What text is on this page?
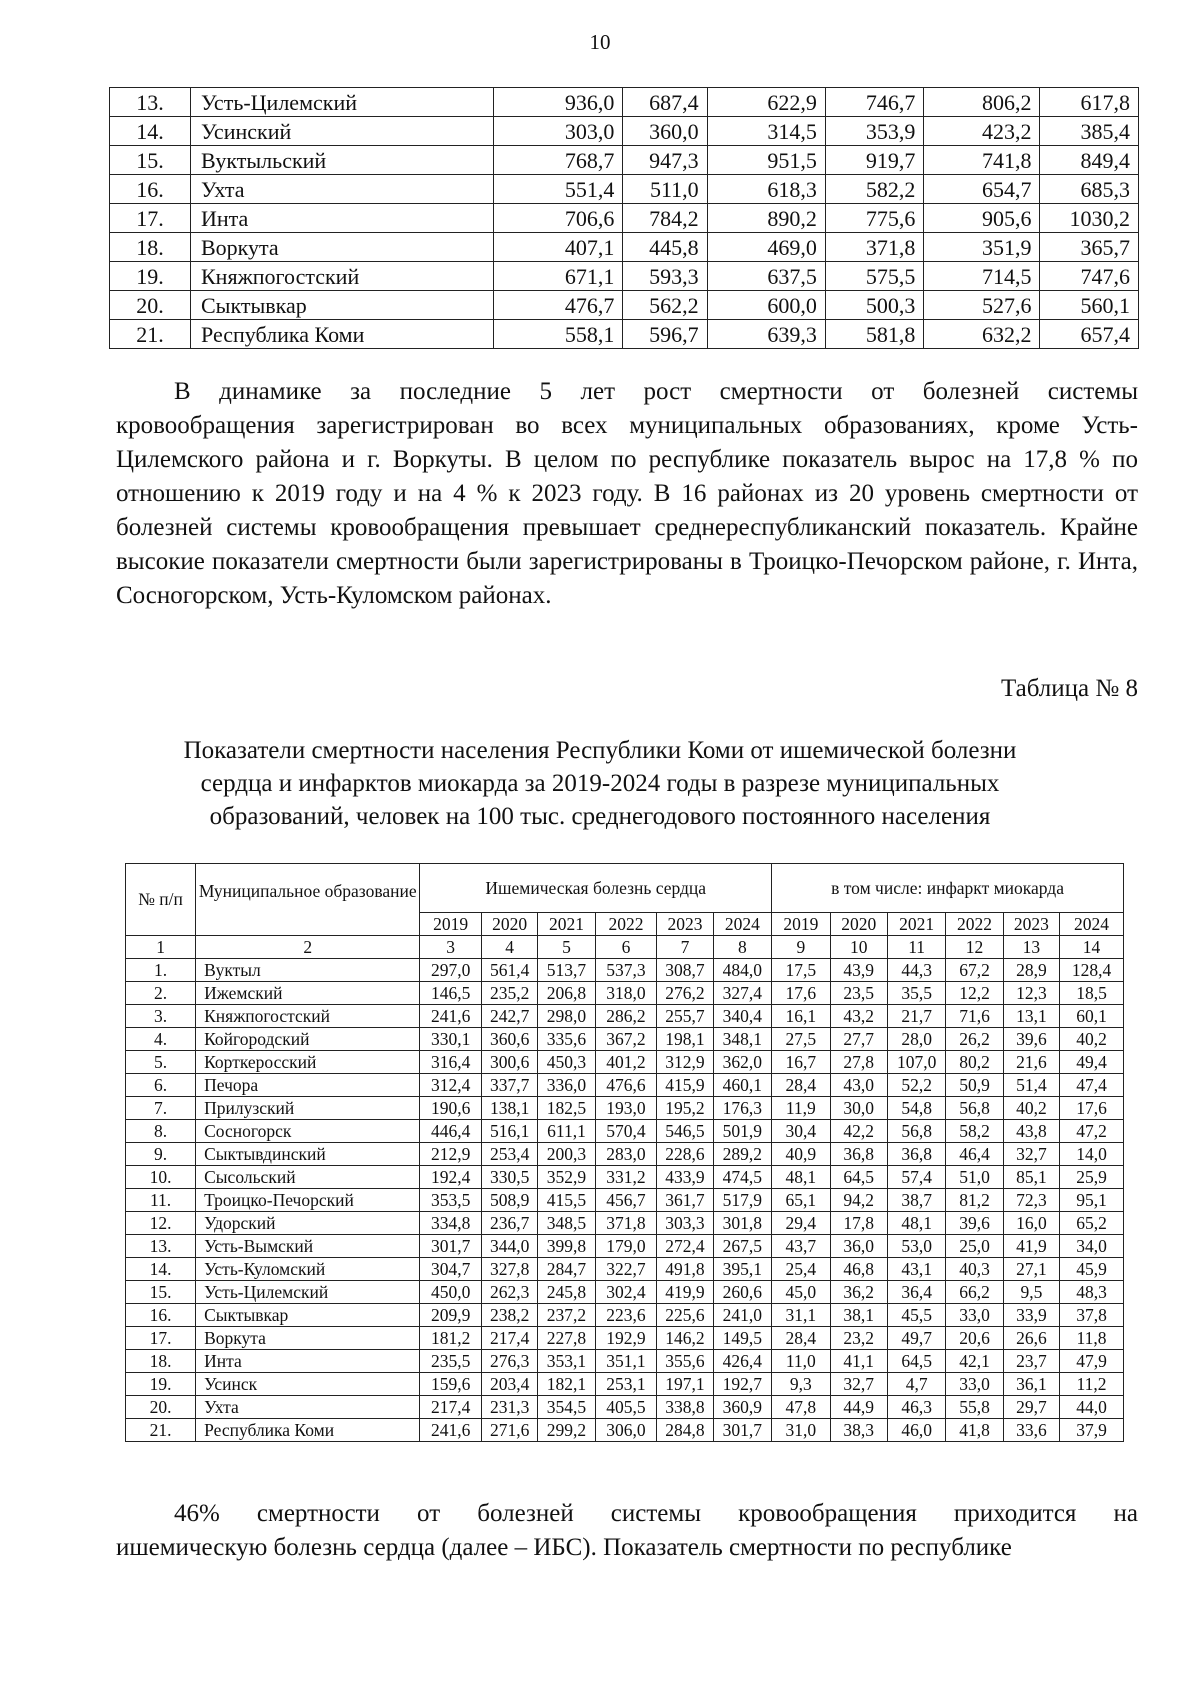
10
13.	Усть-Цилемский	936,0	687,4	622,9	746,7	806,2	617,8
14.	Усинский	303,0	360,0	314,5	353,9	423,2	385,4
15.	Вуктыльский	768,7	947,3	951,5	919,7	741,8	849,4
16.	Ухта	551,4	511,0	618,3	582,2	654,7	685,3
17.	Инта	706,6	784,2	890,2	775,6	905,6	1030,2
18.	Воркута	407,1	445,8	469,0	371,8	351,9	365,7
19.	Княжпогостский	671,1	593,3	637,5	575,5	714,5	747,6
20.	Сыктывкар	476,7	562,2	600,0	500,3	527,6	560,1
21.	Республика Коми	558,1	596,7	639,3	581,8	632,2	657,4

В динамике за последние 5 лет рост смертности от болезней системы кровообращения зарегистрирован во всех муниципальных образованиях, кроме Усть-Цилемского района и г. Воркуты. В целом по республике показатель вырос на 17,8 % по отношению к 2019 году и на 4 % к 2023 году. В 16 районах из 20 уровень смертности от болезней системы кровообращения превышает среднереспубликанский показатель. Крайне высокие показатели смертности были зарегистрированы в Троицко-Печорском районе, г. Инта, Сосногорском, Усть-Куломском районах.

Таблица № 8
Показатели смертности населения Республики Коми от ишемической болезни
сердца и инфарктов миокарда за 2019-2024 годы в разрезе муниципальных
образований, человек на 100 тыс. среднегодового постоянного населения
№ п/п	Муниципальное образование	Ишемическая болезнь сердца						в том числе: инфаркт миокарда					
		2019	2020	2021	2022	2023	2024	2019	2020	2021	2022	2023	2024
1	2	3	4	5	6	7	8	9	10	11	12	13	14
1.	Вуктыл	297,0	561,4	513,7	537,3	308,7	484,0	17,5	43,9	44,3	67,2	28,9	128,4
2.	Ижемский	146,5	235,2	206,8	318,0	276,2	327,4	17,6	23,5	35,5	12,2	12,3	18,5
3.	Княжпогостский	241,6	242,7	298,0	286,2	255,7	340,4	16,1	43,2	21,7	71,6	13,1	60,1
4.	Койгородский	330,1	360,6	335,6	367,2	198,1	348,1	27,5	27,7	28,0	26,2	39,6	40,2
5.	Корткеросский	316,4	300,6	450,3	401,2	312,9	362,0	16,7	27,8	107,0	80,2	21,6	49,4
6.	Печора	312,4	337,7	336,0	476,6	415,9	460,1	28,4	43,0	52,2	50,9	51,4	47,4
7.	Прилузский	190,6	138,1	182,5	193,0	195,2	176,3	11,9	30,0	54,8	56,8	40,2	17,6
8.	Сосногорск	446,4	516,1	611,1	570,4	546,5	501,9	30,4	42,2	56,8	58,2	43,8	47,2
9.	Сыктывдинский	212,9	253,4	200,3	283,0	228,6	289,2	40,9	36,8	36,8	46,4	32,7	14,0
10.	Сысольский	192,4	330,5	352,9	331,2	433,9	474,5	48,1	64,5	57,4	51,0	85,1	25,9
11.	Троицко-Печорский	353,5	508,9	415,5	456,7	361,7	517,9	65,1	94,2	38,7	81,2	72,3	95,1
12.	Удорский	334,8	236,7	348,5	371,8	303,3	301,8	29,4	17,8	48,1	39,6	16,0	65,2
13.	Усть-Вымский	301,7	344,0	399,8	179,0	272,4	267,5	43,7	36,0	53,0	25,0	41,9	34,0
14.	Усть-Куломский	304,7	327,8	284,7	322,7	491,8	395,1	25,4	46,8	43,1	40,3	27,1	45,9
15.	Усть-Цилемский	450,0	262,3	245,8	302,4	419,9	260,6	45,0	36,2	36,4	66,2	9,5	48,3
16.	Сыктывкар	209,9	238,2	237,2	223,6	225,6	241,0	31,1	38,1	45,5	33,0	33,9	37,8
17.	Воркута	181,2	217,4	227,8	192,9	146,2	149,5	28,4	23,2	49,7	20,6	26,6	11,8
18.	Инта	235,5	276,3	353,1	351,1	355,6	426,4	11,0	41,1	64,5	42,1	23,7	47,9
19.	Усинск	159,6	203,4	182,1	253,1	197,1	192,7	9,3	32,7	4,7	33,0	36,1	11,2
20.	Ухта	217,4	231,3	354,5	405,5	338,8	360,9	47,8	44,9	46,3	55,8	29,7	44,0
21.	Республика Коми	241,6	271,6	299,2	306,0	284,8	301,7	31,0	38,3	46,0	41,8	33,6	37,9

46% смертности от болезней системы кровообращения приходится на ишемическую болезнь сердца (далее – ИБС). Показатель смертности по республике
